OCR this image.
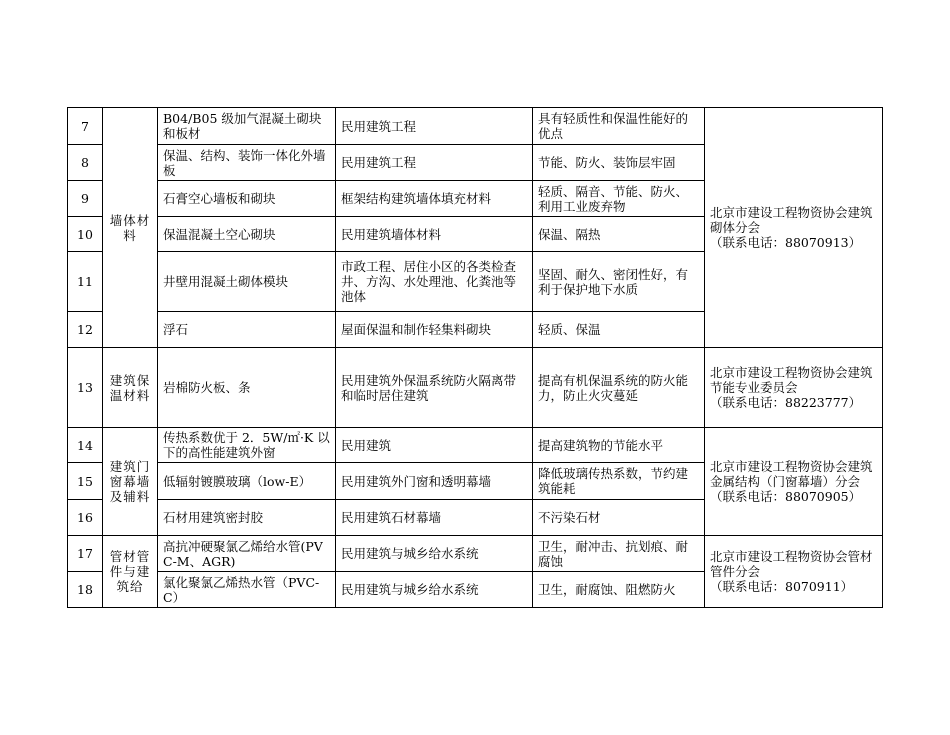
7	墙体材料	B04/B05 级加气混凝土砌块和板材	民用建筑工程	具有轻质性和保温性能好的优点	北京市建设工程物资协会建筑砌体分会
（联系电话：88070913）

8		保温、结构、装饰一体化外墙板	民用建筑工程	节能、防火、装饰层牢固	
9		石膏空心墙板和砌块	框架结构建筑墙体填充材料	轻质、隔音、节能、防火、利用工业废弃物	
10		保温混凝土空心砌块	民用建筑墙体材料	保温、隔热	
11		井壁用混凝土砌体模块	市政工程、居住小区的各类检查井、方沟、水处理池、化粪池等池体	坚固、耐久、密闭性好，有利于保护地下水质	
12		浮石	屋面保温和制作轻集料砌块	轻质、保温	
13	建筑保温材料	岩棉防火板、条	民用建筑外保温系统防火隔离带和临时居住建筑	提高有机保温系统的防火能力，防止火灾蔓延	北京市建设工程物资协会建筑节能专业委员会
（联系电话：88223777）

14	建筑门窗幕墙及辅料	传热系数优于 2．5W/㎡·K 以下的高性能建筑外窗	民用建筑	提高建筑物的节能水平	北京市建设工程物资协会建筑金属结构（门窗幕墙）分会
（联系电话：88070905）

15		低辐射镀膜玻璃（low-E）	民用建筑外门窗和透明幕墙	降低玻璃传热系数，节约建筑能耗	
16		石材用建筑密封胶	民用建筑石材幕墙	不污染石材	
17	管材管件与建筑给	高抗冲硬聚氯乙烯给水管(PVC-M、AGR)	民用建筑与城乡给水系统	卫生，耐冲击、抗划痕、耐腐蚀	北京市建设工程物资协会管材管件分会
（联系电话：8070911）

18		氯化聚氯乙烯热水管（PVC-C）	民用建筑与城乡给水系统	卫生，耐腐蚀、阻燃防火	
